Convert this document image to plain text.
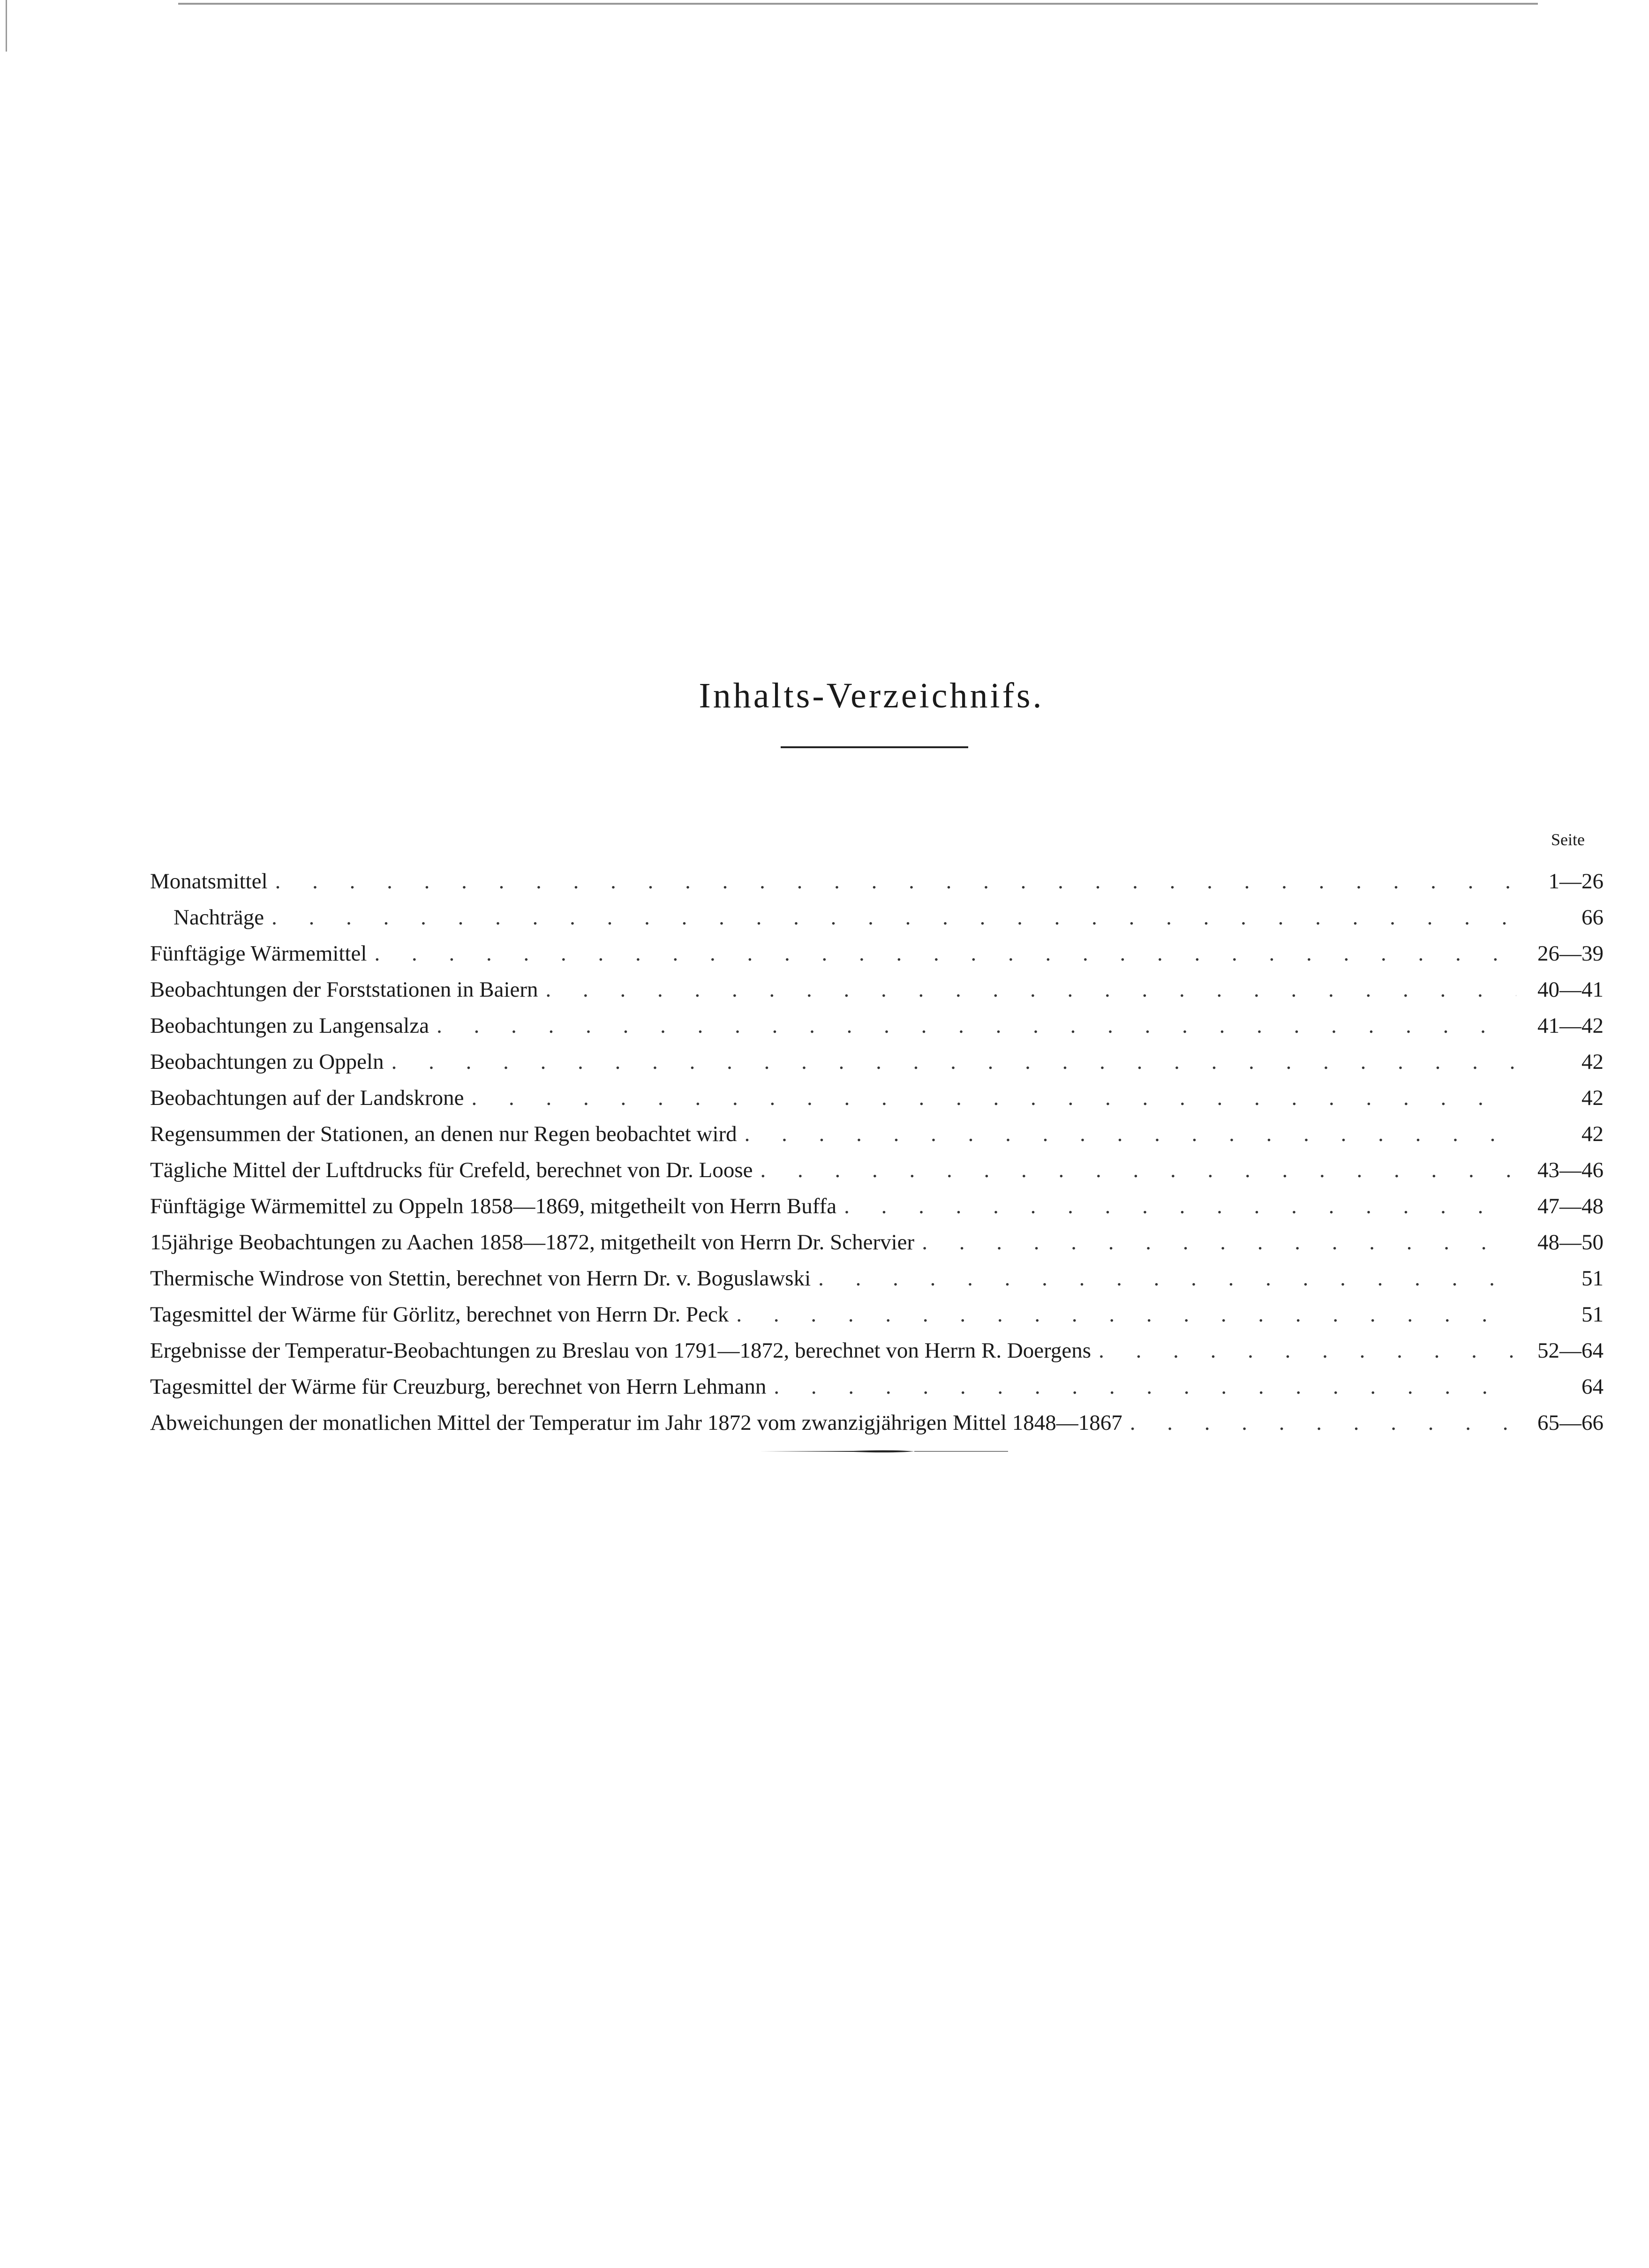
Inhalts-Verzeichnifs.
Seite
Monatsmittel . . .	1—26
Nachträge . . .	66
Fünftägige Wärmemittel . . .	26—39
Beobachtungen der Forststationen in Baiern . . .	40—41
Beobachtungen zu Langensalza . . .	41—42
Beobachtungen zu Oppeln . . .	42
Beobachtungen auf der Landskrone . . .	42
Regensummen der Stationen, an denen nur Regen beobachtet wird . . .	42
Tägliche Mittel der Luftdrucks für Crefeld, berechnet von Dr. Loose . . .	43—46
Fünftägige Wärmemittel zu Oppeln 1858—1869, mitgetheilt von Herrn Buffa . . .	47—48
15jährige Beobachtungen zu Aachen 1858—1872, mitgetheilt von Herrn Dr. Schervier . . .	48—50
Thermische Windrose von Stettin, berechnet von Herrn Dr. v. Boguslawski . . .	51
Tagesmittel der Wärme für Görlitz, berechnet von Herrn Dr. Peck . . .	51
Ergebnisse der Temperatur-Beobachtungen zu Breslau von 1791—1872, berechnet von Herrn R. Doergens . . .	52—64
Tagesmittel der Wärme für Creuzburg, berechnet von Herrn Lehmann . . .	64
Abweichungen der monatlichen Mittel der Temperatur im Jahr 1872 vom zwanzigjährigen Mittel 1848—1867 . . .	65—66
